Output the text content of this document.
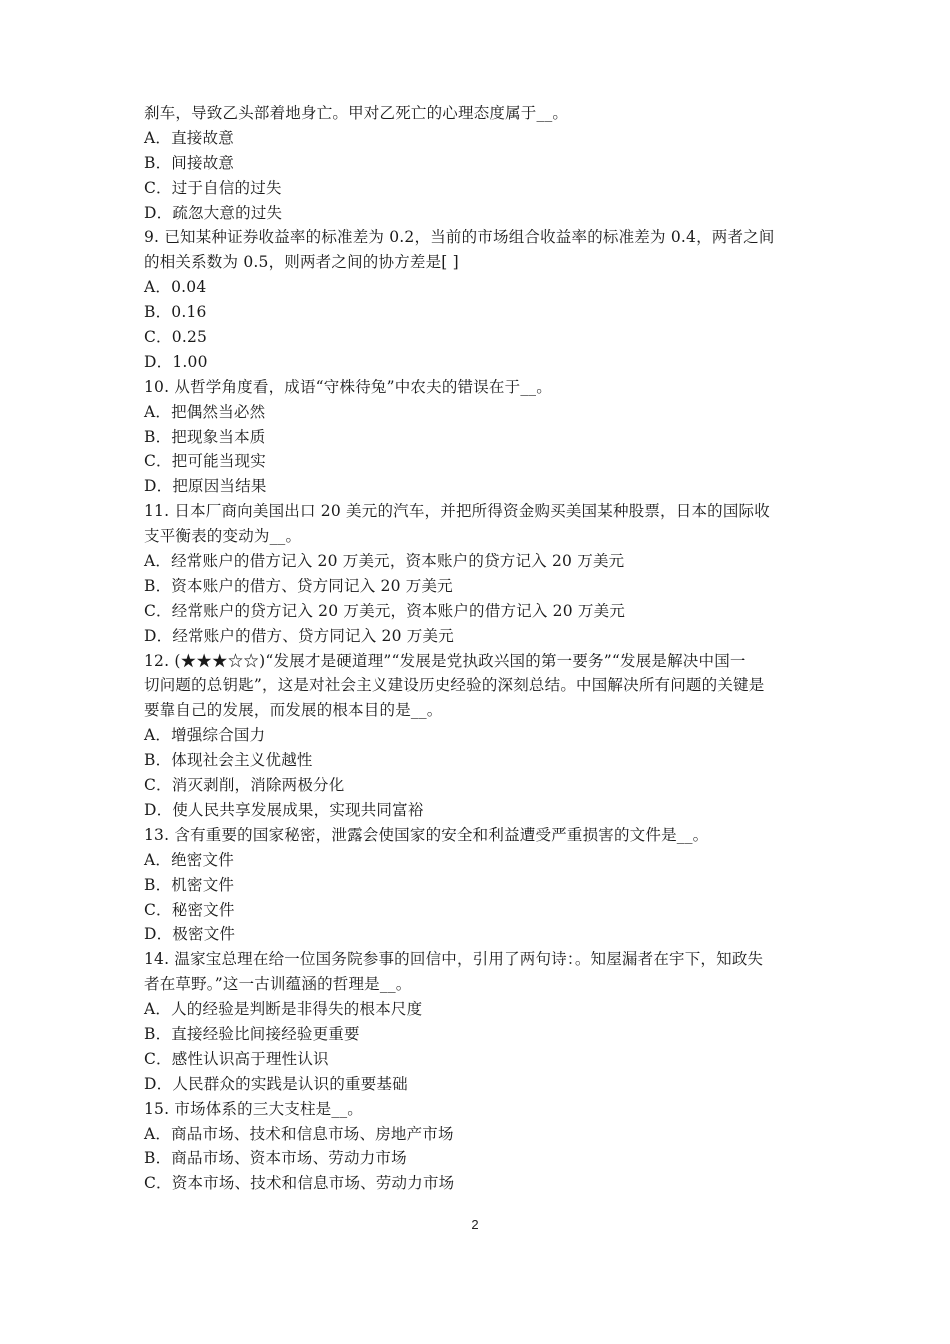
刹车，导致乙头部着地身亡。甲对乙死亡的心理态度属于__。
A．直接故意
B．间接故意
C．过于自信的过失
D．疏忽大意的过失
9. 已知某种证券收益率的标准差为 0.2，当前的市场组合收益率的标准差为 0.4，两者之间
的相关系数为 0.5，则两者之间的协方差是[ ]
A．0.04
B．0.16
C．0.25
D．1.00
10. 从哲学角度看，成语“守株待兔”中农夫的错误在于__。
A．把偶然当必然
B．把现象当本质
C．把可能当现实
D．把原因当结果
11. 日本厂商向美国出口 20 美元的汽车，并把所得资金购买美国某种股票，日本的国际收
支平衡表的变动为__。
A．经常账户的借方记入 20 万美元，资本账户的贷方记入 20 万美元
B．资本账户的借方、贷方同记入 20 万美元
C．经常账户的贷方记入 20 万美元，资本账户的借方记入 20 万美元
D．经常账户的借方、贷方同记入 20 万美元
12. (★★★☆☆)“发展才是硬道理”“发展是党执政兴国的第一要务”“发展是解决中国一
切问题的总钥匙”，这是对社会主义建设历史经验的深刻总结。中国解决所有问题的关键是
要靠自己的发展，而发展的根本目的是__。
A．增强综合国力
B．体现社会主义优越性
C．消灭剥削，消除两极分化
D．使人民共享发展成果，实现共同富裕
13. 含有重要的国家秘密，泄露会使国家的安全和利益遭受严重损害的文件是__。
A．绝密文件
B．机密文件
C．秘密文件
D．极密文件
14. 温家宝总理在给一位国务院参事的回信中，引用了两句诗：。知屋漏者在宇下，知政失
者在草野。”这一古训蕴涵的哲理是__。
A．人的经验是判断是非得失的根本尺度
B．直接经验比间接经验更重要
C．感性认识高于理性认识
D．人民群众的实践是认识的重要基础
15. 市场体系的三大支柱是__。
A．商品市场、技术和信息市场、房地产市场
B．商品市场、资本市场、劳动力市场
C．资本市场、技术和信息市场、劳动力市场
2
